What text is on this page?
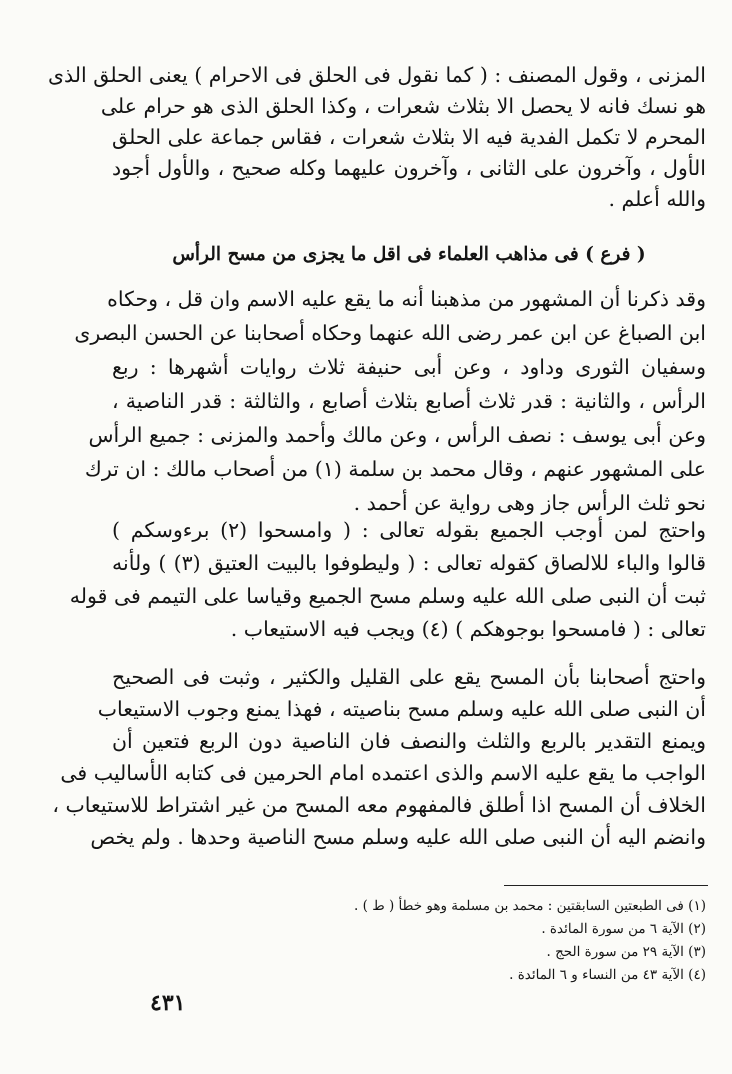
المزنى ، وقول المصنف : ( كما نقول فى الحلق فى الاحرام ) يعنى الحلق الذى
هو نسك فانه لا يحصل الا بثلاث شعرات ، وكذا الحلق الذى هو حرام على
المحرم لا تكمل الفدية فيه الا بثلاث شعرات ، فقاس جماعة على الحلق
الأول ، وآخرون على الثانى ، وآخرون عليهما وكله صحيح ، والأول أجود
والله أعلم .
( فرع ) فى مذاهب العلماء فى اقل ما يجزى من مسح الرأس
وقد ذكرنا أن المشهور من مذهبنا أنه ما يقع عليه الاسم وان قل ، وحكاه
ابن الصباغ عن ابن عمر رضى الله عنهما وحكاه أصحابنا عن الحسن البصرى
وسفيان الثورى وداود ، وعن أبى حنيفة ثلاث روايات أشهرها : ربع
الرأس ، والثانية : قدر ثلاث أصابع بثلاث أصابع ، والثالثة : قدر الناصية ،
وعن أبى يوسف : نصف الرأس ، وعن مالك وأحمد والمزنى : جميع الرأس
على المشهور عنهم ، وقال محمد بن سلمة (١) من أصحاب مالك : ان ترك
نحو ثلث الرأس جاز وهى رواية عن أحمد .
واحتج لمن أوجب الجميع بقوله تعالى : ( وامسحوا (٢) برءوسكم )
قالوا والباء للالصاق كقوله تعالى : ( وليطوفوا بالبيت العتيق (٣) ) ولأنه
ثبت أن النبى صلى الله عليه وسلم مسح الجميع وقياسا على التيمم فى قوله
تعالى : ( فامسحوا بوجوهكم ) (٤) ويجب فيه الاستيعاب .
واحتج أصحابنا بأن المسح يقع على القليل والكثير ، وثبت فى الصحيح
أن النبى صلى الله عليه وسلم مسح بناصيته ، فهذا يمنع وجوب الاستيعاب
ويمنع التقدير بالربع والثلث والنصف فان الناصية دون الربع فتعين أن
الواجب ما يقع عليه الاسم والذى اعتمده امام الحرمين فى كتابه الأساليب فى
الخلاف أن المسح اذا أطلق فالمفهوم معه المسح من غير اشتراط للاستيعاب ،
وانضم اليه أن النبى صلى الله عليه وسلم مسح الناصية وحدها . ولم يخص
(١) فى الطبعتين السابقتين : محمد بن مسلمة وهو خطأ ( ط ) .
(٢) الآية ٦ من سورة المائدة .
(٣) الآية ٢٩ من سورة الحج .
(٤) الآية ٤٣ من النساء و ٦ المائدة .
٤٣١
